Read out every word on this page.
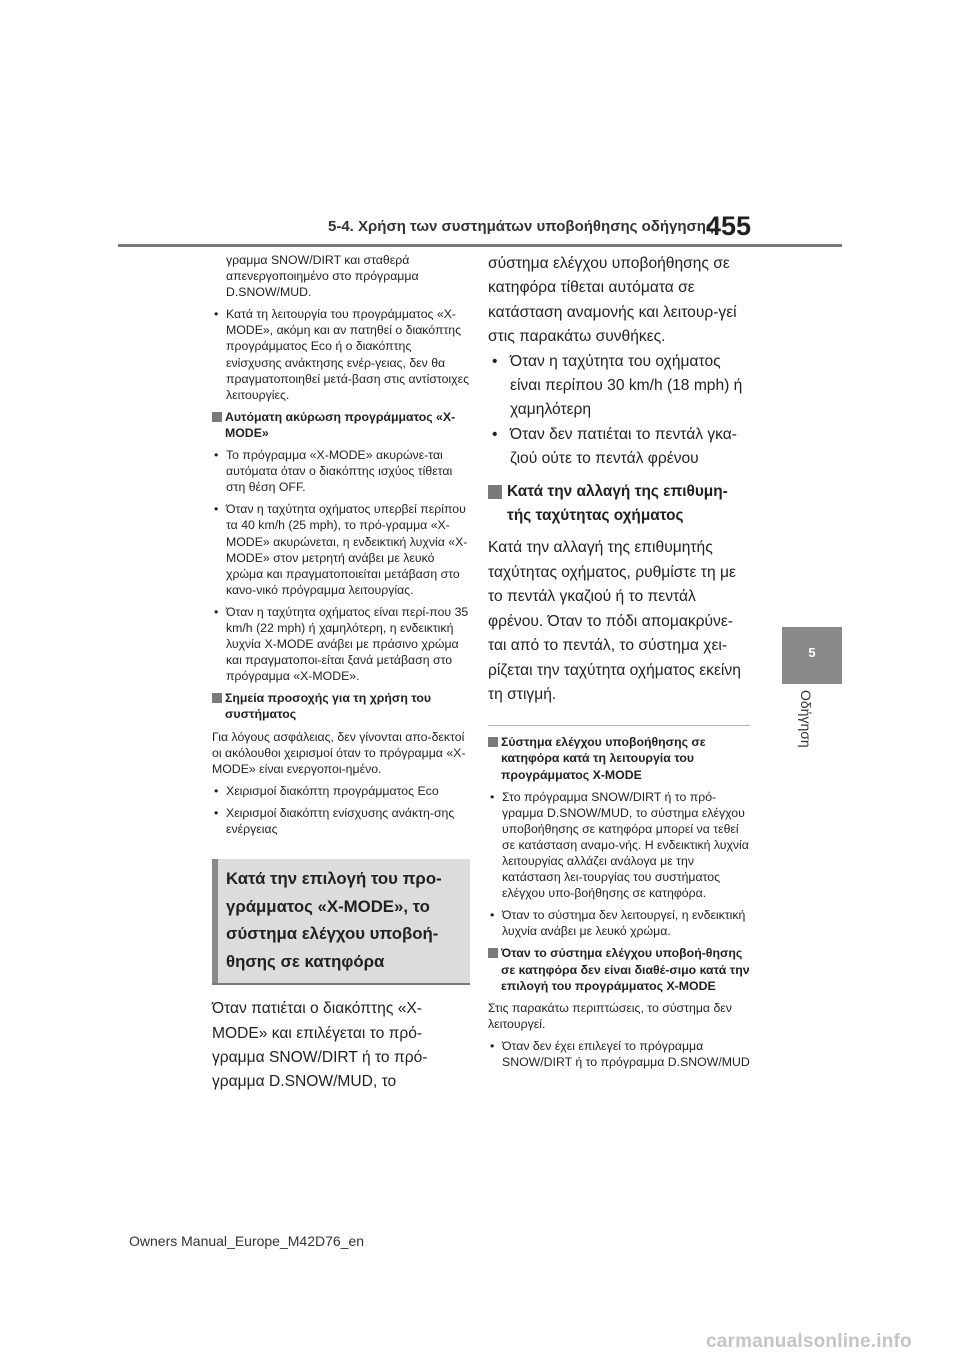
5-4. Χρήση των συστημάτων υποβοήθησης οδήγησης
455
5
Οδήγηση

γραμμα SNOW/DIRT και σταθερά απενεργοποιημένο στο πρόγραμμα D.SNOW/MUD.

• Κατά τη λειτουργία του προγράμματος «X-MODE», ακόμη και αν πατηθεί ο διακόπτης προγράμματος Eco ή ο διακόπτης ενίσχυσης ανάκτησης ενέρ-γειας, δεν θα πραγματοποιηθεί μετά-βαση στις αντίστοιχες λειτουργίες.
Αυτόματη ακύρωση προγράμματος «X-MODE»
• Το πρόγραμμα «X-MODE» ακυρώνε-ται αυτόματα όταν ο διακόπτης ισχύος τίθεται στη θέση OFF.
• Όταν η ταχύτητα οχήματος υπερβεί περίπου τα 40 km/h (25 mph), το πρό-γραμμα «X-MODE» ακυρώνεται, η ενδεικτική λυχνία «X-MODE» στον μετρητή ανάβει με λευκό χρώμα και πραγματοποιείται μετάβαση στο κανο-νικό πρόγραμμα λειτουργίας.
• Όταν η ταχύτητα οχήματος είναι περί-που 35 km/h (22 mph) ή χαμηλότερη, η ενδεικτική λυχνία X-MODE ανάβει με πράσινο χρώμα και πραγματοποι-είται ξανά μετάβαση στο πρόγραμμα «X-MODE».
Σημεία προσοχής για τη χρήση του συστήματος

Για λόγους ασφάλειας, δεν γίνονται απο-δεκτοί οι ακόλουθοι χειρισμοί όταν το πρόγραμμα «X-MODE» είναι ενεργοποι-ημένο.

• Χειρισμοί διακόπτη προγράμματος Eco
• Χειρισμοί διακόπτη ενίσχυσης ανάκτη-σης ενέργειας
Κατά την επιλογή του προ-γράμματος «X-MODE», το σύστημα ελέγχου υποβοή-θησης σε κατηφόρα

Όταν πατιέται ο διακόπτης «X-MODE» και επιλέγεται το πρό-γραμμα SNOW/DIRT ή το πρό-γραμμα D.SNOW/MUD, το

σύστημα ελέγχου υποβοήθησης σε κατηφόρα τίθεται αυτόματα σε κατάσταση αναμονής και λειτουρ-γεί στις παρακάτω συνθήκες.

• Όταν η ταχύτητα του οχήματος είναι περίπου 30 km/h (18 mph) ή χαμηλότερη
• Όταν δεν πατιέται το πεντάλ γκα-ζιού ούτε το πεντάλ φρένου
Κατά την αλλαγή της επιθυμη-τής ταχύτητας οχήματος

Κατά την αλλαγή της επιθυμητής ταχύτητας οχήματος, ρυθμίστε τη με το πεντάλ γκαζιού ή το πεντάλ φρένου. Όταν το πόδι απομακρύνε-ται από το πεντάλ, το σύστημα χει-ρίζεται την ταχύτητα οχήματος εκείνη τη στιγμή.

Σύστημα ελέγχου υποβοήθησης σε κατηφόρα κατά τη λειτουργία του προγράμματος X-MODE
• Στο πρόγραμμα SNOW/DIRT ή το πρό-γραμμα D.SNOW/MUD, το σύστημα ελέγχου υποβοήθησης σε κατηφόρα μπορεί να τεθεί σε κατάσταση αναμο-νής. Η ενδεικτική λυχνία λειτουργίας αλλάζει ανάλογα με την κατάσταση λει-τουργίας του συστήματος ελέγχου υπο-βοήθησης σε κατηφόρα.
• Όταν το σύστημα δεν λειτουργεί, η ενδεικτική λυχνία ανάβει με λευκό χρώμα.
Όταν το σύστημα ελέγχου υποβοή-θησης σε κατηφόρα δεν είναι διαθέ-σιμο κατά την επιλογή του προγράμματος X-MODE

Στις παρακάτω περιπτώσεις, το σύστημα δεν λειτουργεί.

• Όταν δεν έχει επιλεγεί το πρόγραμμα SNOW/DIRT ή το πρόγραμμα D.SNOW/MUD
Owners Manual_Europe_M42D76_en
carmanualsonline.info
